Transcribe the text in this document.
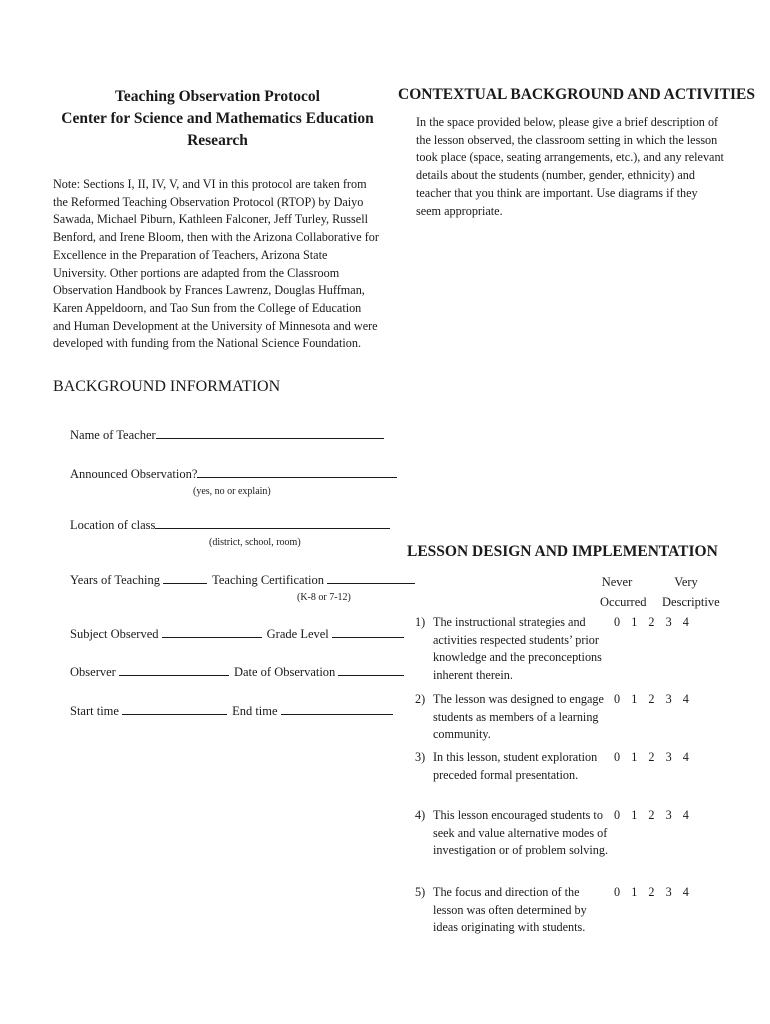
Teaching Observation Protocol
Center for Science and Mathematics Education Research
Note: Sections I, II, IV, V, and VI in this protocol are taken from the Reformed Teaching Observation Protocol (RTOP) by Daiyo Sawada, Michael Piburn, Kathleen Falconer, Jeff Turley, Russell Benford, and Irene Bloom, then with the Arizona Collaborative for Excellence in the Preparation of Teachers, Arizona State University. Other portions are adapted from the Classroom Observation Handbook by Frances Lawrenz, Douglas Huffman, Karen Appeldoorn, and Tao Sun from the College of Education and Human Development at the University of Minnesota and were developed with funding from the National Science Foundation.
BACKGROUND INFORMATION
Name of Teacher
Announced Observation?
(yes, no or explain)
Location of class
(district, school, room)
Years of Teaching	Teaching Certification
(K-8 or 7-12)
Subject Observed	Grade Level
Observer	Date of Observation
Start time	End time
CONTEXTUAL BACKGROUND AND ACTIVITIES
In the space provided below, please give a brief description of the lesson observed, the classroom setting in which the lesson took place (space, seating arrangements, etc.), and any relevant details about the students (number, gender, ethnicity) and teacher that you think are important. Use diagrams if they seem appropriate.
LESSON DESIGN AND IMPLEMENTATION
Never
Occurred
Very
Descriptive
1) The instructional strategies and activities respected students’ prior knowledge and the preconceptions inherent therein.
0 1 2 3 4
2) The lesson was designed to engage students as members of a learning community.
0 1 2 3 4
3) In this lesson, student exploration preceded formal presentation.
0 1 2 3 4
4) This lesson encouraged students to seek and value alternative modes of investigation or of problem solving.
0 1 2 3 4
5) The focus and direction of the lesson was often determined by ideas originating with students.
0 1 2 3 4
